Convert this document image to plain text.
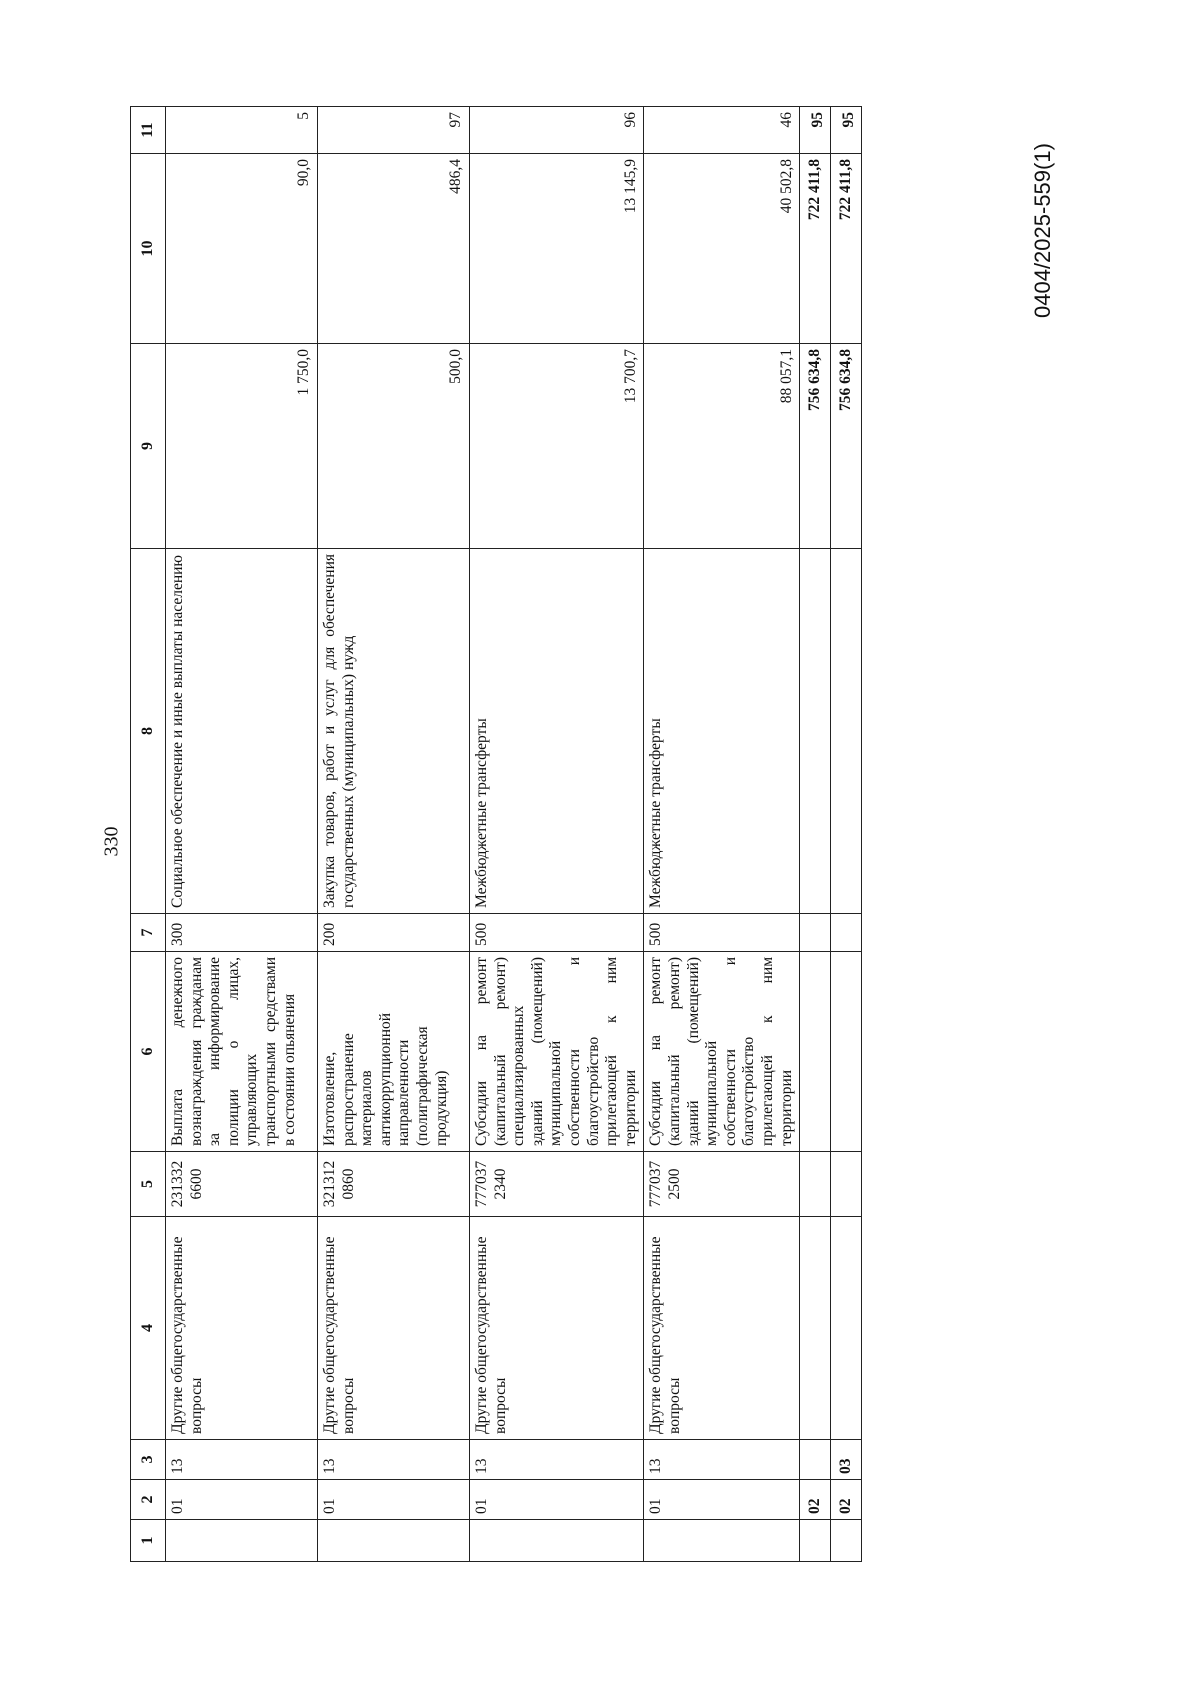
330
0404/2025-559(1)
1	2	3	4	5	6	7	8	9	10	11
	01	13	Другие общегосударственные вопросы	231332 6600	Выплата денежного вознаграждения гражданам за информирование полиции о лицах, управляющих транспортными средствами в состоянии опьянения	300	Социальное обеспечение и иные выплаты населению	1 750,0	90,0	5
	01	13	Другие общегосударственные вопросы	321312 0860	Изготовление, распространение материалов антикоррупционной направленности (полиграфическая продукция)	200	Закупка товаров, работ и услуг для обеспечения государственных (муниципальных) нужд	500,0	486,4	97
	01	13	Другие общегосударственные вопросы	777037 2340	Субсидии на ремонт (капитальный ремонт) специализированных зданий (помещений) муниципальной собственности и благоустройство прилегающей к ним территории	500	Межбюджетные трансферты	13 700,7	13 145,9	96
	01	13	Другие общегосударственные вопросы	777037 2500	Субсидии на ремонт (капитальный ремонт) зданий (помещений) муниципальной собственности и благоустройство прилегающей к ним территории	500	Межбюджетные трансферты	88 057,1	40 502,8	46
	02							756 634,8	722 411,8	95
	02	03						756 634,8	722 411,8	95
